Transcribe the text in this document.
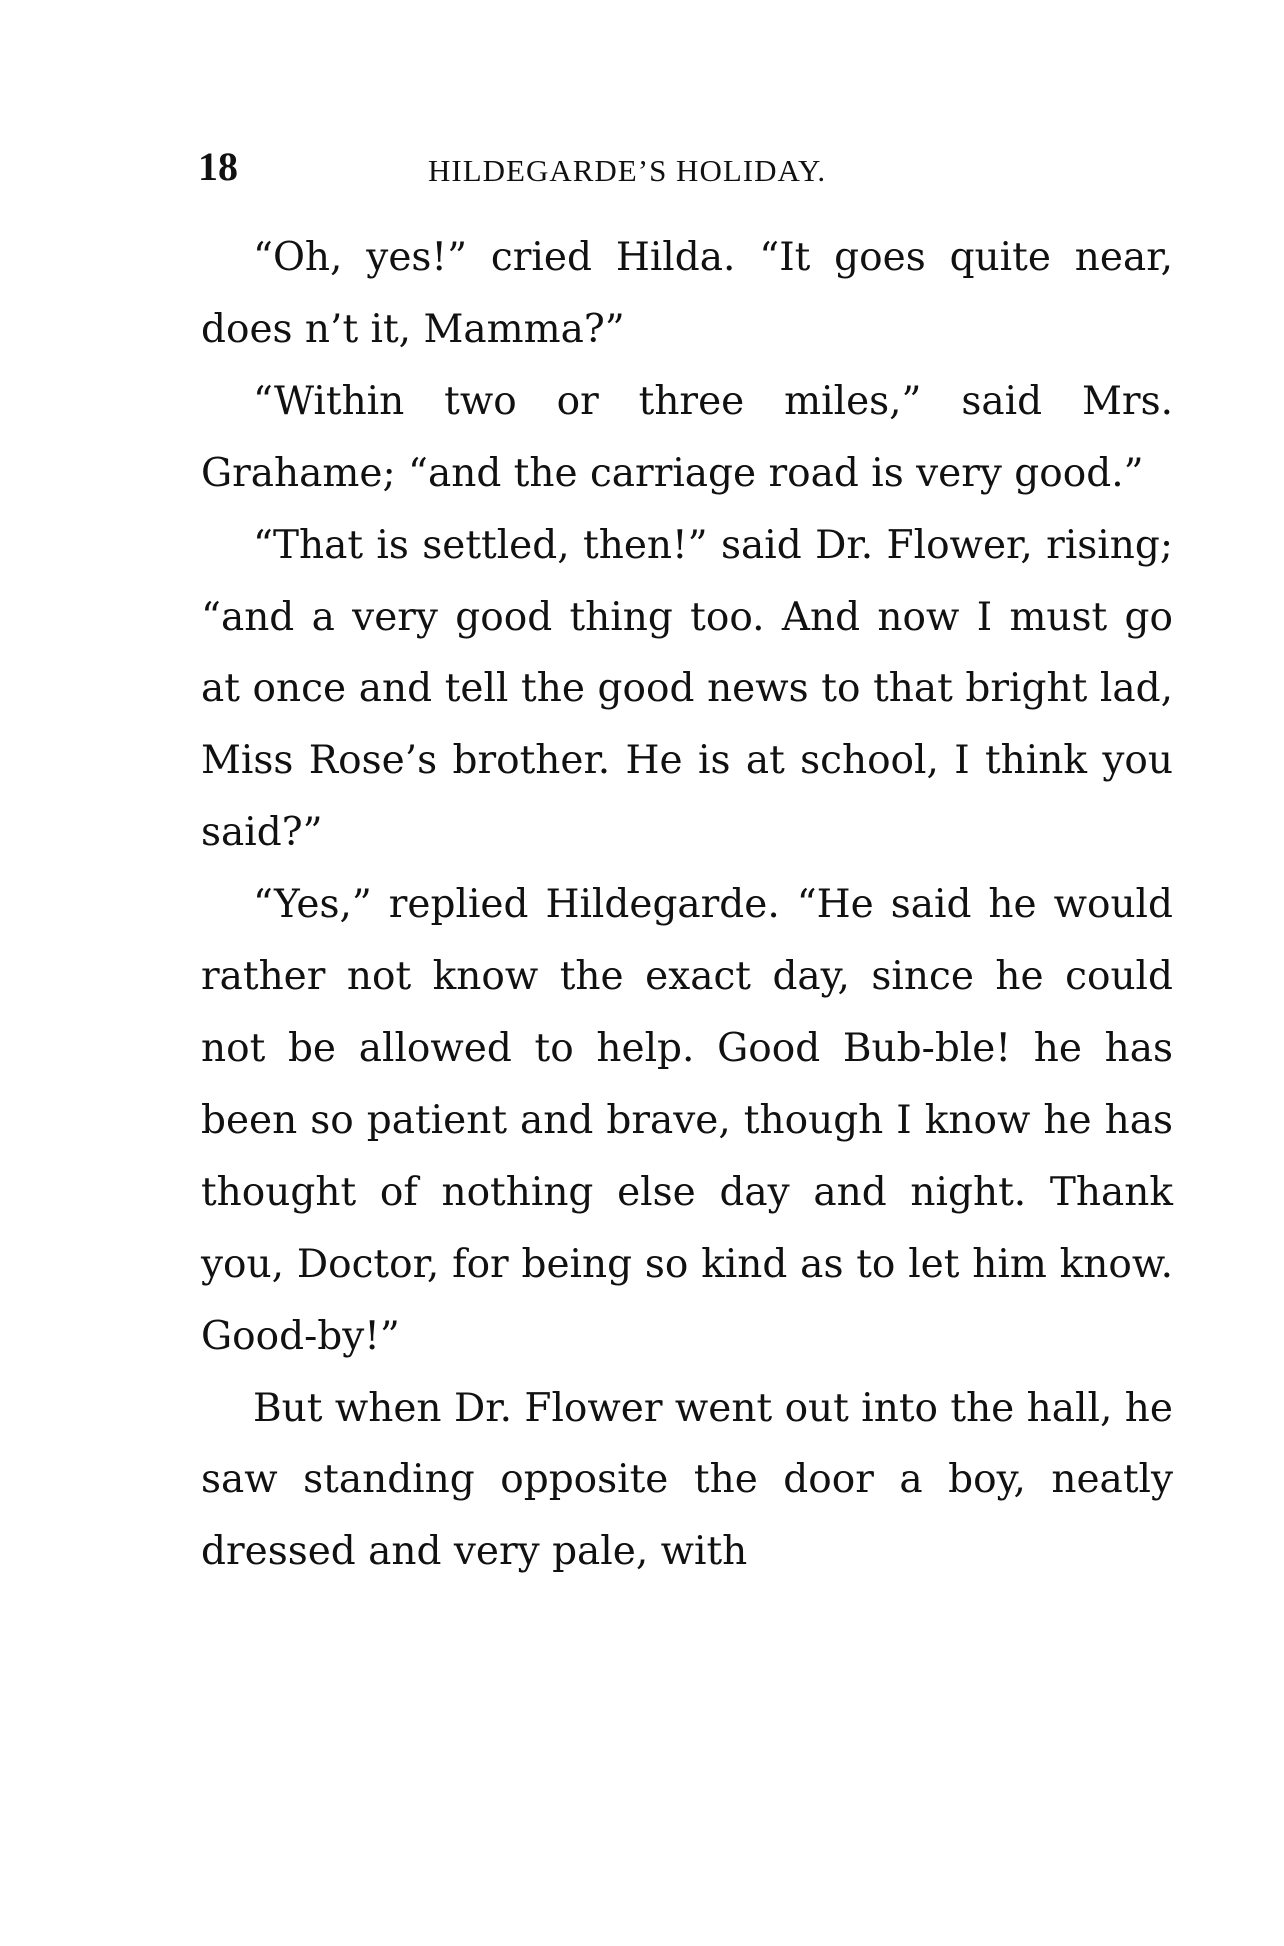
18	HILDEGARDE’S HOLIDAY.

“Oh, yes!” cried Hilda. “It goes quite near, does n’t it, Mamma?”

“Within two or three miles,” said Mrs. Grahame; “and the carriage road is very good.”

“That is settled, then!” said Dr. Flower, rising; “and a very good thing too. And now I must go at once and tell the good news to that bright lad, Miss Rose’s brother. He is at school, I think you said?”

“Yes,” replied Hildegarde. “He said he would rather not know the exact day, since he could not be allowed to help. Good Bub-ble! he has been so patient and brave, though I know he has thought of nothing else day and night. Thank you, Doctor, for being so kind as to let him know. Good-by!”

But when Dr. Flower went out into the hall, he saw standing opposite the door a boy, neatly dressed and very pale, with
